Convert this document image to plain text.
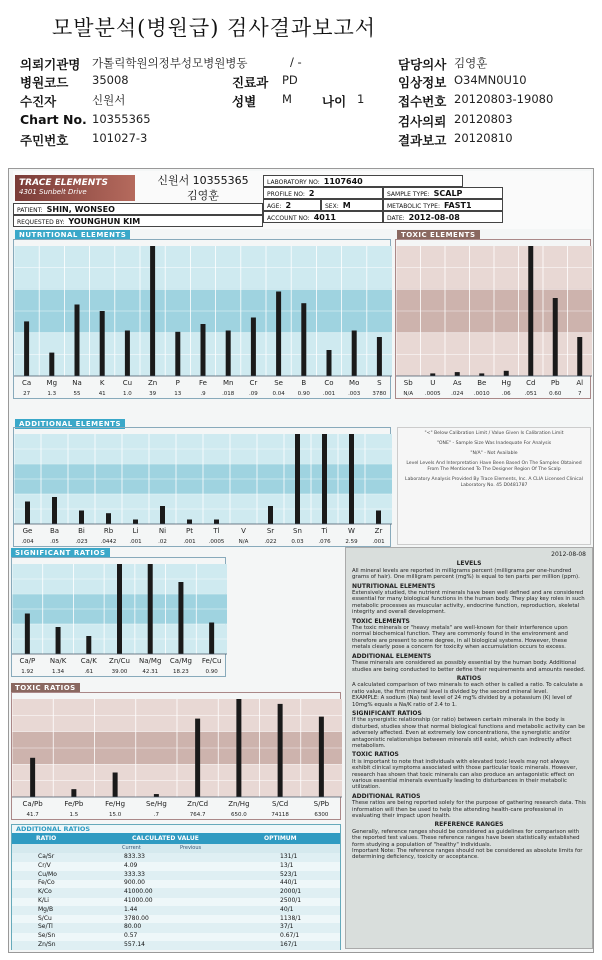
모발분석(병원급) 검사결과보고서
의뢰기관명 가톨릭학원의정부성모병원병동	/ -	담당의사 김영훈
병원코드 35008	진료과 PD	임상정보 O34MN0U10
수진자	신원서	성별 M 나이 1	접수번호 20120803-19080
Chart No. 10355365	검사의뢰 20120803
주민번호 101027-3	결과보고 20120810
TRACE ELEMENTS
4301 Sunbelt Drive
신원서 10355365
김영훈
LABORATORY NO: 1107640
PROFILE NO: 2	SAMPLE TYPE: SCALP
PATIENT: SHIN, WONSEO	AGE: 2	SEX: M	METABOLIC TYPE: FAST1
REQUESTED BY: YOUNGHUN KIM	ACCOUNT NO: 4011	DATE: 2012-08-08
NUTRITIONAL ELEMENTS
Ca
27
Mg
1.3
Na
55
K
41
Cu
1.0
Zn
39
P
13
Fe
.9
Mn
.018
Cr
.09
Se
0.04
B
0.90
Co
.001
Mo
.003
S
3780
TOXIC ELEMENTS
Sb
N/A
U
.0005
As
.024
Be
.0010
Hg
.06
Cd
.051
Pb
0.60
Al
7
ADDITIONAL ELEMENTS
Ge
.004
Ba
.05
Bi
.023
Rb
.0442
Li
.001
Ni
.02
Pt
.001
Tl
.0005
V
N/A
Sr
.022
Sn
0.03
Ti
.076
W
2.59
Zr
.001
"<" Below Calibration Limit / Value Given Is Calibration Limit
"ONE" - Sample Size Was Inadequate For Analysis
"N/A" - Not Available
Level Levels And Interpretation Have Been Based On The Samples Obtained From The Mentioned To The Designer Region Of The Scalp
Laboratory Analysis Provided By Trace Elements, Inc. A CLIA Licensed Clinical Laboratory No. 45 D0481787
SIGNIFICANT RATIOS
Ca/P
1.92
Na/K
1.34
Ca/K
.61
Zn/Cu
39.00
Na/Mg
42.31
Ca/Mg
18.23
Fe/Cu
0.90
TOXIC RATIOS
Ca/Pb
41.7
Fe/Pb
1.5
Fe/Hg
15.0
Se/Hg
.7
Zn/Cd
764.7
Zn/Hg
650.0
S/Cd
74118
S/Pb
6300
ADDITIONAL RATIOS
RATIO	CALCULATED VALUE	OPTIMUM
Current	Previous
Ca/Sr	833.33	131/1
Cr/V	4.09	13/1
Cu/Mo	333.33	523/1
Fe/Co	900.00	440/1
K/Co	41000.00	2000/1
K/Li	41000.00	2500/1
Mg/B	1.44	40/1
S/Cu	3780.00	1138/1
Se/Tl	80.00	37/1
Se/Sn	0.57	0.67/1
Zn/Sn	557.14	167/1
2012-08-08
LEVELS

All mineral levels are reported in milligrams percent (milligrams per one-hundred grams of hair). One milligram percent (mg%) is equal to ten parts per million (ppm).

NUTRITIONAL ELEMENTS

Extensively studied, the nutrient minerals have been well defined and are considered essential for many biological functions in the human body. They play key roles in such metabolic processes as muscular activity, endocrine function, reproduction, skeletal integrity and overall development.

TOXIC ELEMENTS

The toxic minerals or "heavy metals" are well-known for their interference upon normal biochemical function. They are commonly found in the environment and therefore are present to some degree, in all biological systems. However, these metals clearly pose a concern for toxicity when accumulation occurs to excess.

ADDITIONAL ELEMENTS

These minerals are considered as possibly essential by the human body. Additional studies are being conducted to better define their requirements and amounts needed.

RATIOS

A calculated comparison of two minerals to each other is called a ratio. To calculate a ratio value, the first mineral level is divided by the second mineral level.

EXAMPLE: A sodium (Na) test level of 24 mg% divided by a potassium (K) level of 10mg% equals a Na/K ratio of 2.4 to 1.

SIGNIFICANT RATIOS

If the synergistic relationship (or ratio) between certain minerals in the body is disturbed, studies show that normal biological functions and metabolic activity can be adversely affected. Even at extremely low concentrations, the synergistic and/or antagonistic relationships between minerals still exist, which can indirectly affect metabolism.

TOXIC RATIOS

It is important to note that individuals with elevated toxic levels may not always exhibit clinical symptoms associated with those particular toxic minerals. However, research has shown that toxic minerals can also produce an antagonistic effect on various essential minerals eventually leading to disturbances in their metabolic utilization.

ADDITIONAL RATIOS

These ratios are being reported solely for the purpose of gathering research data. This information will then be used to help the attending health-care professional in evaluating their impact upon health.

REFERENCE RANGES

Generally, reference ranges should be considered as guidelines for comparison with the reported test values. These reference ranges have been statistically established form studying a population of "healthy" individuals.

Important Note: The reference ranges should not be considered as absolute limits for determining deficiency, toxicity or acceptance.
